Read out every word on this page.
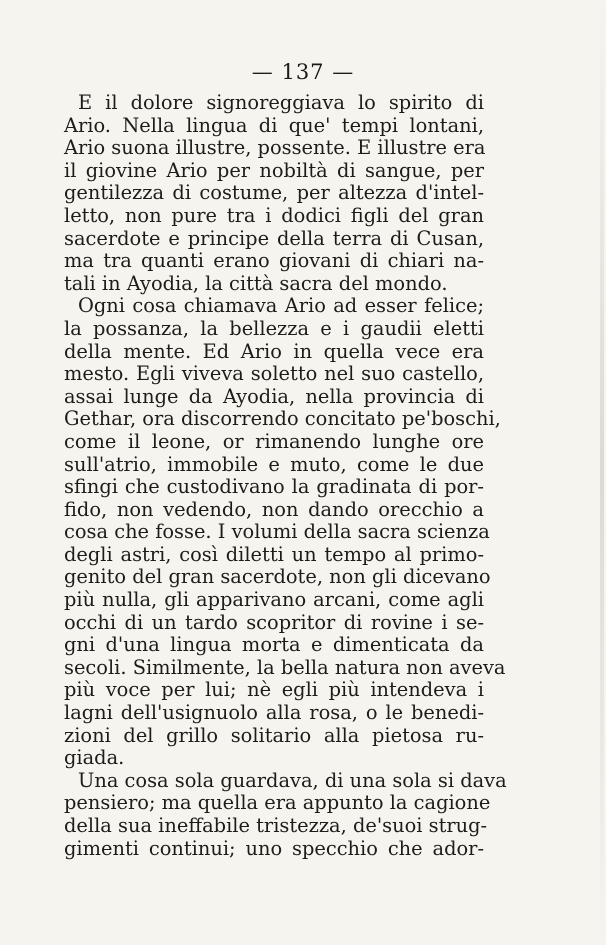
— 137 —
E il dolore signoreggiava lo spirito di
Ario. Nella lingua di que' tempi lontani,
Ario suona illustre, possente. E illustre era
il giovine Ario per nobiltà di sangue, per
gentilezza di costume, per altezza d'intel-
letto, non pure tra i dodici figli del gran
sacerdote e principe della terra di Cusan,
ma tra quanti erano giovani di chiari na-
tali in Ayodia, la città sacra del mondo.
Ogni cosa chiamava Ario ad esser felice;
la possanza, la bellezza e i gaudii eletti
della mente. Ed Ario in quella vece era
mesto. Egli viveva soletto nel suo castello,
assai lunge da Ayodia, nella provincia di
Gethar, ora discorrendo concitato pe'boschi,
come il leone, or rimanendo lunghe ore
sull'atrio, immobile e muto, come le due
sfingi che custodivano la gradinata di por-
fido, non vedendo, non dando orecchio a
cosa che fosse. I volumi della sacra scienza
degli astri, così diletti un tempo al primo-
genito del gran sacerdote, non gli dicevano
più nulla, gli apparivano arcani, come agli
occhi di un tardo scopritor di rovine i se-
gni d'una lingua morta e dimenticata da
secoli. Similmente, la bella natura non aveva
più voce per lui; nè egli più intendeva i
lagni dell'usignuolo alla rosa, o le benedi-
zioni del grillo solitario alla pietosa ru-
giada.
Una cosa sola guardava, di una sola si dava
pensiero; ma quella era appunto la cagione
della sua ineffabile tristezza, de'suoi strug-
gimenti continui; uno specchio che ador-
